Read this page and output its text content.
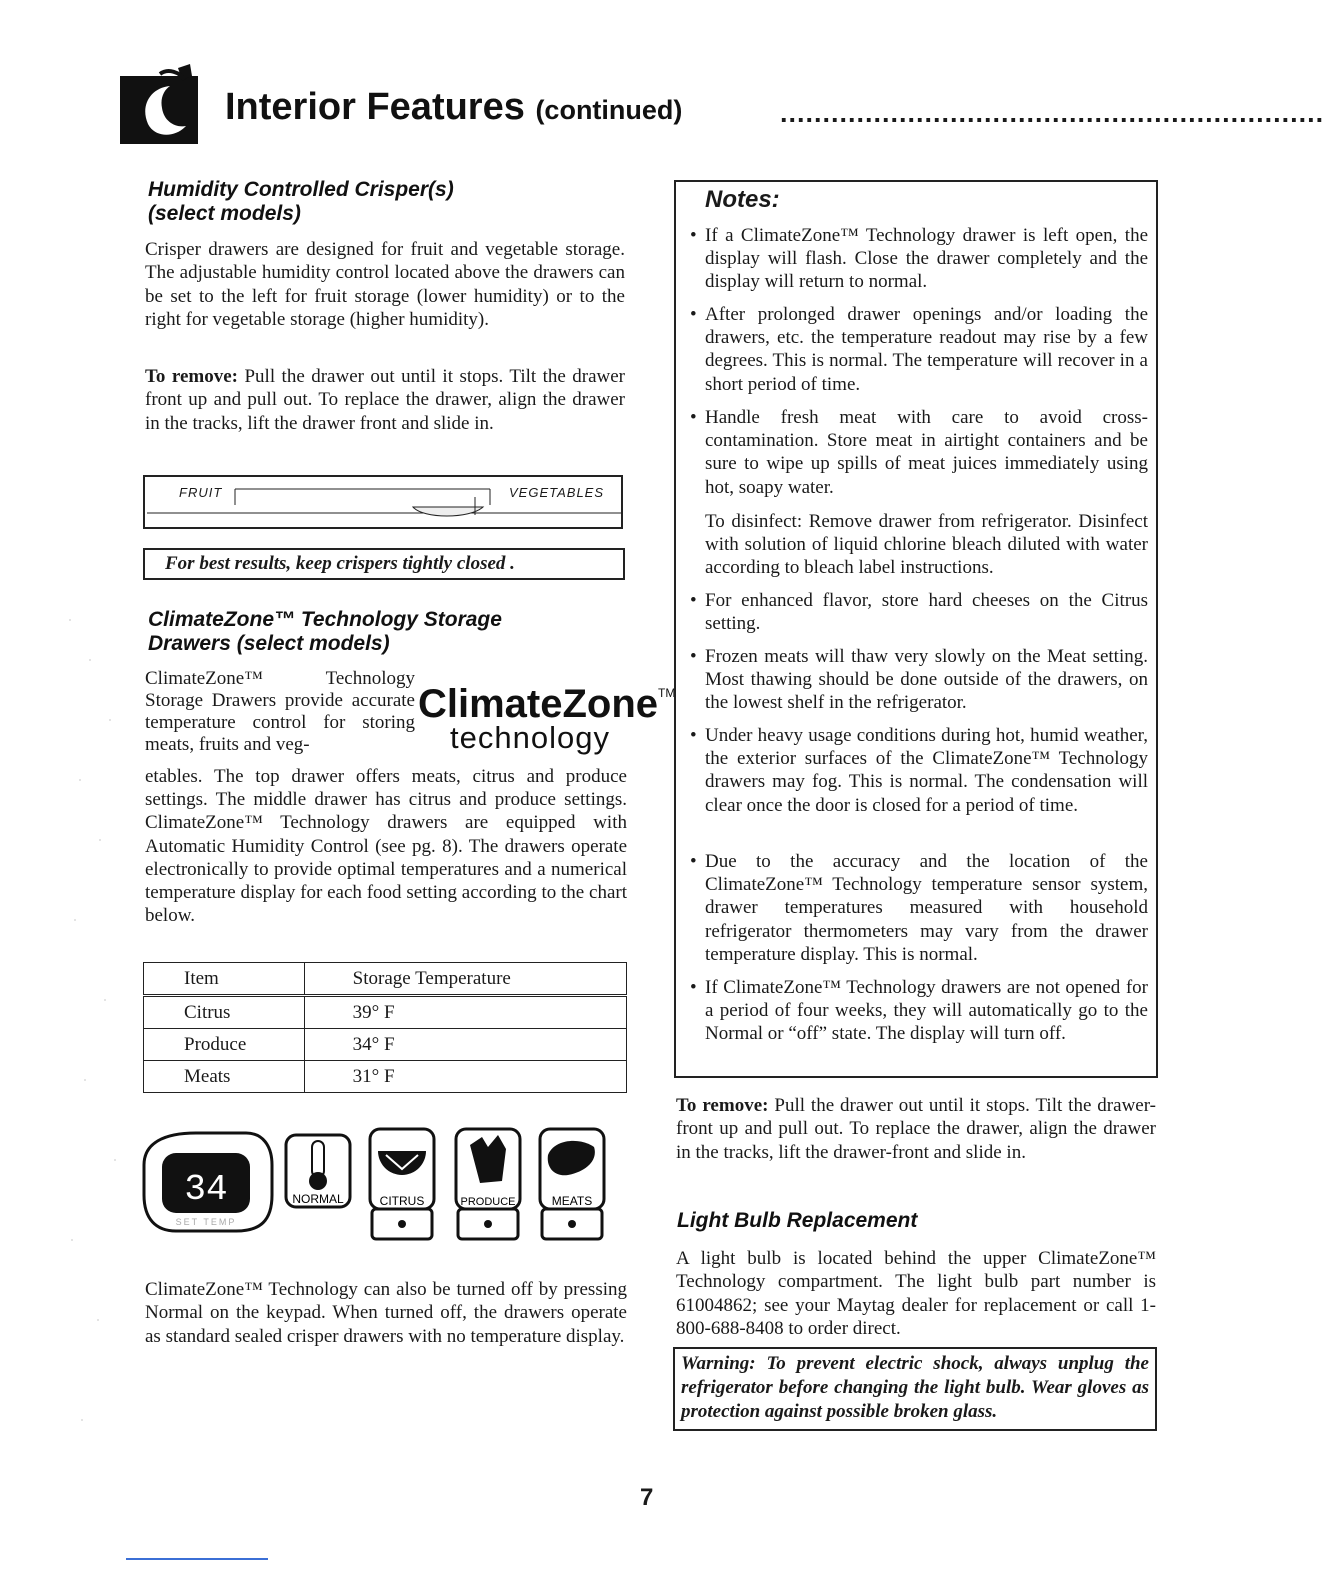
Interior Features (continued)	................................................................
Humidity Controlled Crisper(s)
(select models)

Crisper drawers are designed for fruit and vegetable storage. The adjustable humidity control located above the drawers can be set to the left for fruit storage (lower humidity) or to the right for vegetable storage (higher humidity).

To remove: Pull the drawer out until it stops. Tilt the drawer front up and pull out. To replace the drawer, align the drawer in the tracks, lift the drawer front and slide in.

FRUIT	VEGETABLES
For best results, keep crispers tightly closed .
ClimateZone™ Technology Storage
Drawers (select models)

ClimateZone™ Technology Storage Drawers provide accurate temperature control for storing meats, fruits and veg-

ClimateZone™
technology

etables. The top drawer offers meats, citrus and produce settings. The middle drawer has citrus and produce settings. ClimateZone™ Technology drawers are equipped with Automatic Humidity Control (see pg. 8). The drawers operate electronically to provide optimal temperatures and a numerical temperature display for each food setting according to the chart below.

Item	Storage Temperature
Citrus	39° F
Produce	34° F
Meats	31° F
34
SET TEMP
NORMAL	CITRUS	PRODUCE	MEATS

ClimateZone™ Technology can also be turned off by pressing Normal on the keypad. When turned off, the drawers operate as standard sealed crisper drawers with no temperature display.

Notes:
• If a ClimateZone™ Technology drawer is left open, the display will flash. Close the drawer completely and the display will return to normal.
• After prolonged drawer openings and/or loading the drawers, etc. the temperature readout may rise by a few degrees. This is normal. The temperature will recover in a short period of time.
• Handle fresh meat with care to avoid cross-contamination. Store meat in airtight containers and be sure to wipe up spills of meat juices immediately using hot, soapy water.

To disinfect: Remove drawer from refrigerator. Disinfect with solution of liquid chlorine bleach diluted with water according to bleach label instructions.

• For enhanced flavor, store hard cheeses on the Citrus setting.
• Frozen meats will thaw very slowly on the Meat setting. Most thawing should be done outside of the drawers, on the lowest shelf in the refrigerator.
• Under heavy usage conditions during hot, humid weather, the exterior surfaces of the ClimateZone™ Technology drawers may fog. This is normal. The condensation will clear once the door is closed for a period of time.
• Due to the accuracy and the location of the ClimateZone™ Technology temperature sensor system, drawer temperatures measured with household refrigerator thermometers may vary from the drawer temperature display. This is normal.
• If ClimateZone™ Technology drawers are not opened for a period of four weeks, they will automatically go to the Normal or “off” state. The display will turn off.

To remove: Pull the drawer out until it stops. Tilt the drawer-front up and pull out. To replace the drawer, align the drawer in the tracks, lift the drawer-front and slide in.

Light Bulb Replacement

A light bulb is located behind the upper ClimateZone™ Technology compartment. The light bulb part number is 61004862; see your Maytag dealer for replacement or call 1-800-688-8408 to order direct.

Warning: To prevent electric shock, always unplug the refrigerator before changing the light bulb. Wear gloves as protection against possible broken glass.
7
